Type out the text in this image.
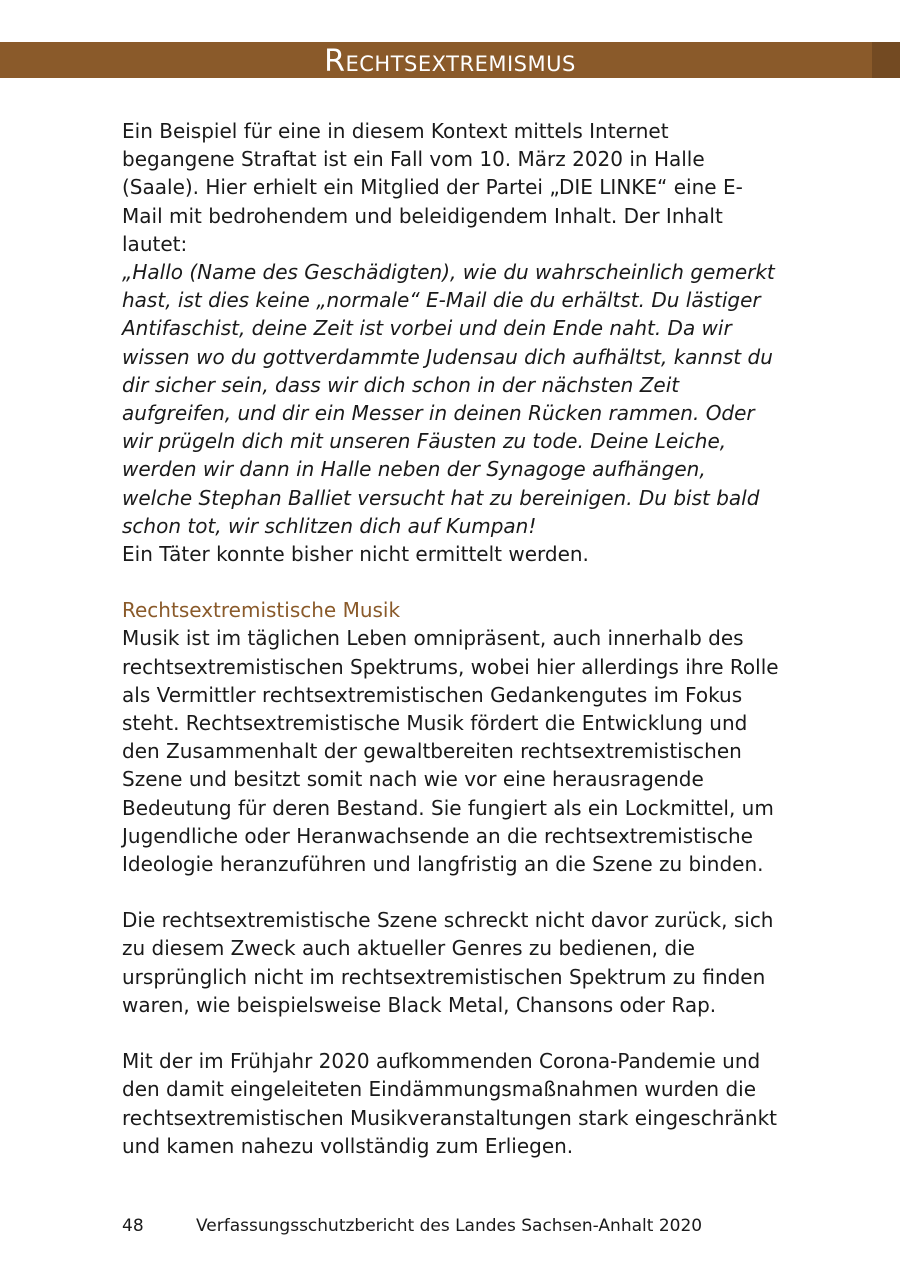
Rechtsextremismus

Ein Beispiel für eine in diesem Kontext mittels Internet begangene Straftat ist ein Fall vom 10. März 2020 in Halle (Saale). Hier erhielt ein Mitglied der Partei „DIE LINKE“ eine E-Mail mit bedrohendem und beleidigendem Inhalt. Der Inhalt lautet:

„Hallo (Name des Geschädigten), wie du wahrscheinlich gemerkt hast, ist dies keine „normale“ E-Mail die du erhältst. Du lästiger Antifaschist, deine Zeit ist vorbei und dein Ende naht. Da wir wissen wo du gottverdammte Judensau dich aufhältst, kannst du dir sicher sein, dass wir dich schon in der nächsten Zeit aufgreifen, und dir ein Messer in deinen Rücken rammen. Oder wir prügeln dich mit unseren Fäusten zu tode. Deine Leiche, werden wir dann in Halle neben der Synagoge aufhängen, welche Stephan Balliet versucht hat zu bereinigen. Du bist bald schon tot, wir schlitzen dich auf Kumpan!

Ein Täter konnte bisher nicht ermittelt werden.

Rechtsextremistische Musik

Musik ist im täglichen Leben omnipräsent, auch innerhalb des rechtsextremistischen Spektrums, wobei hier allerdings ihre Rolle als Vermittler rechtsextremistischen Gedankengutes im Fokus steht. Rechtsextremistische Musik fördert die Entwicklung und den Zusammenhalt der gewaltbereiten rechtsextremistischen Szene und besitzt somit nach wie vor eine herausragende Bedeutung für deren Bestand. Sie fungiert als ein Lockmittel, um Jugendliche oder Heranwachsende an die rechtsextremistische Ideologie heranzuführen und langfristig an die Szene zu binden.

Die rechtsextremistische Szene schreckt nicht davor zurück, sich zu diesem Zweck auch aktueller Genres zu bedienen, die ursprünglich nicht im rechtsextremistischen Spektrum zu finden waren, wie beispielsweise Black Metal, Chansons oder Rap.

Mit der im Frühjahr 2020 aufkommenden Corona-Pandemie und den damit eingeleiteten Eindämmungsmaßnahmen wurden die rechtsextremistischen Musikveranstaltungen stark eingeschränkt und kamen nahezu vollständig zum Erliegen.

48	Verfassungsschutzbericht des Landes Sachsen-Anhalt 2020
